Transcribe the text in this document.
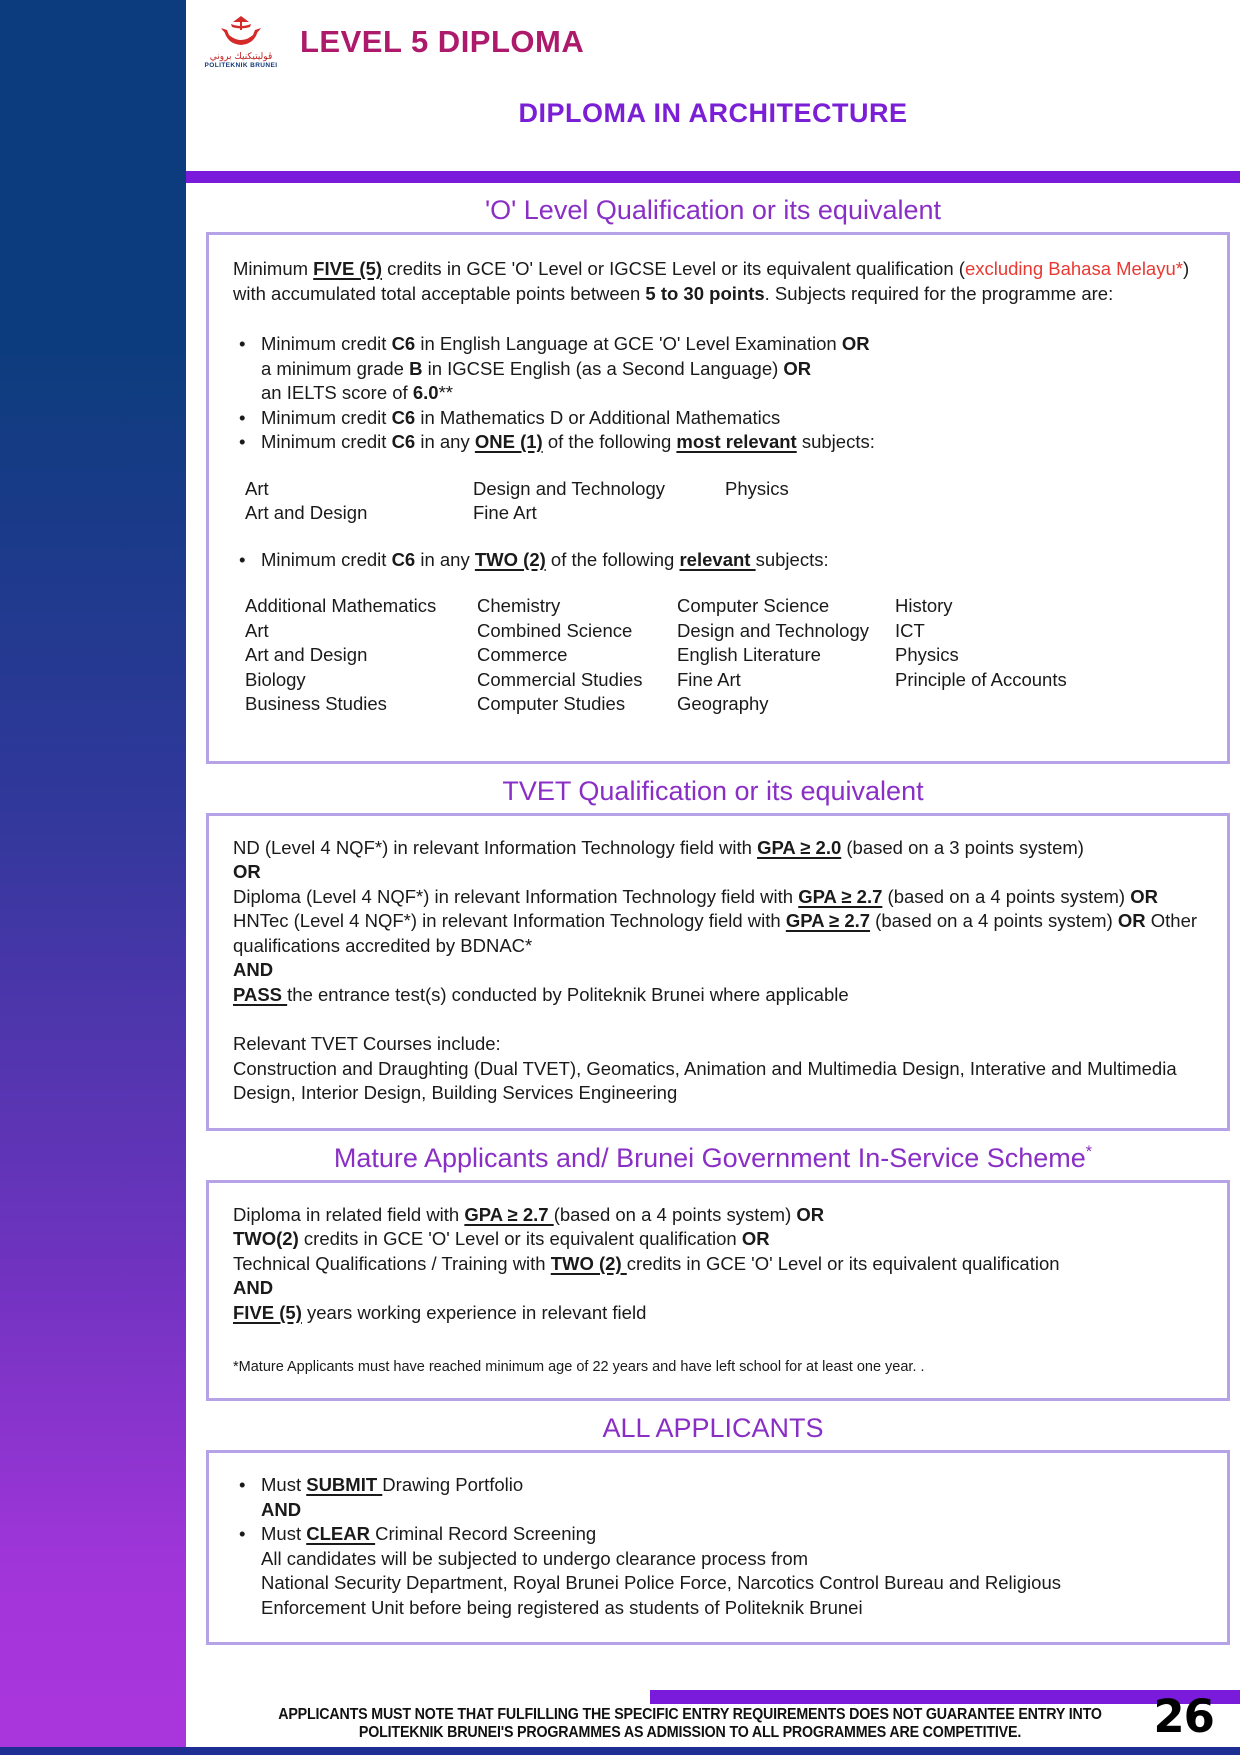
ڤوليتيكنيك بروني
POLITEKNIK BRUNEI
LEVEL 5 DIPLOMA
DIPLOMA IN ARCHITECTURE
'O' Level Qualification or its equivalent
Minimum FIVE (5) credits in GCE 'O' Level or IGCSE Level or its equivalent qualification (excluding Bahasa Melayu*) with accumulated total acceptable points between 5 to 30 points. Subjects required for the programme are:
• Minimum credit C6 in English Language at GCE 'O' Level Examination OR
a minimum grade B in IGCSE English (as a Second Language) OR
an IELTS score of 6.0**
• Minimum credit C6 in Mathematics D or Additional Mathematics
• Minimum credit C6 in any ONE (1) of the following most relevant subjects:
Art	Design and Technology	Physics
Art and Design	Fine Art
• Minimum credit C6 in any TWO (2) of the following relevant subjects:
Additional Mathematics	Chemistry	Computer Science	History
Art	Combined Science	Design and Technology	ICT
Art and Design	Commerce	English Literature	Physics
Biology	Commercial Studies	Fine Art	Principle of Accounts
Business Studies	Computer Studies	Geography
TVET Qualification or its equivalent
ND (Level 4 NQF*) in relevant Information Technology field with GPA ≥ 2.0 (based on a 3 points system)
OR
Diploma (Level 4 NQF*) in relevant Information Technology field with GPA ≥ 2.7 (based on a 4 points system) OR
HNTec (Level 4 NQF*) in relevant Information Technology field with GPA ≥ 2.7 (based on a 4 points system) OR Other qualifications accredited by BDNAC*
AND
PASS the entrance test(s) conducted by Politeknik Brunei where applicable
Relevant TVET Courses include:
Construction and Draughting (Dual TVET), Geomatics, Animation and Multimedia Design, Interative and Multimedia Design, Interior Design, Building Services Engineering
Mature Applicants and/ Brunei Government In-Service Scheme*
Diploma in related field with GPA ≥ 2.7 (based on a 4 points system) OR
TWO(2) credits in GCE 'O' Level or its equivalent qualification OR
Technical Qualifications / Training with TWO (2) credits in GCE 'O' Level or its equivalent qualification
AND
FIVE (5) years working experience in relevant field
*Mature Applicants must have reached minimum age of 22 years and have left school for at least one year. .
ALL APPLICANTS
• Must SUBMIT Drawing Portfolio
AND
• Must CLEAR Criminal Record Screening
All candidates will be subjected to undergo clearance process from
National Security Department, Royal Brunei Police Force, Narcotics Control Bureau and Religious
Enforcement Unit before being registered as students of Politeknik Brunei
APPLICANTS MUST NOTE THAT FULFILLING THE SPECIFIC ENTRY REQUIREMENTS DOES NOT GUARANTEE ENTRY INTO
POLITEKNIK BRUNEI'S PROGRAMMES AS ADMISSION TO ALL PROGRAMMES ARE COMPETITIVE.	26
